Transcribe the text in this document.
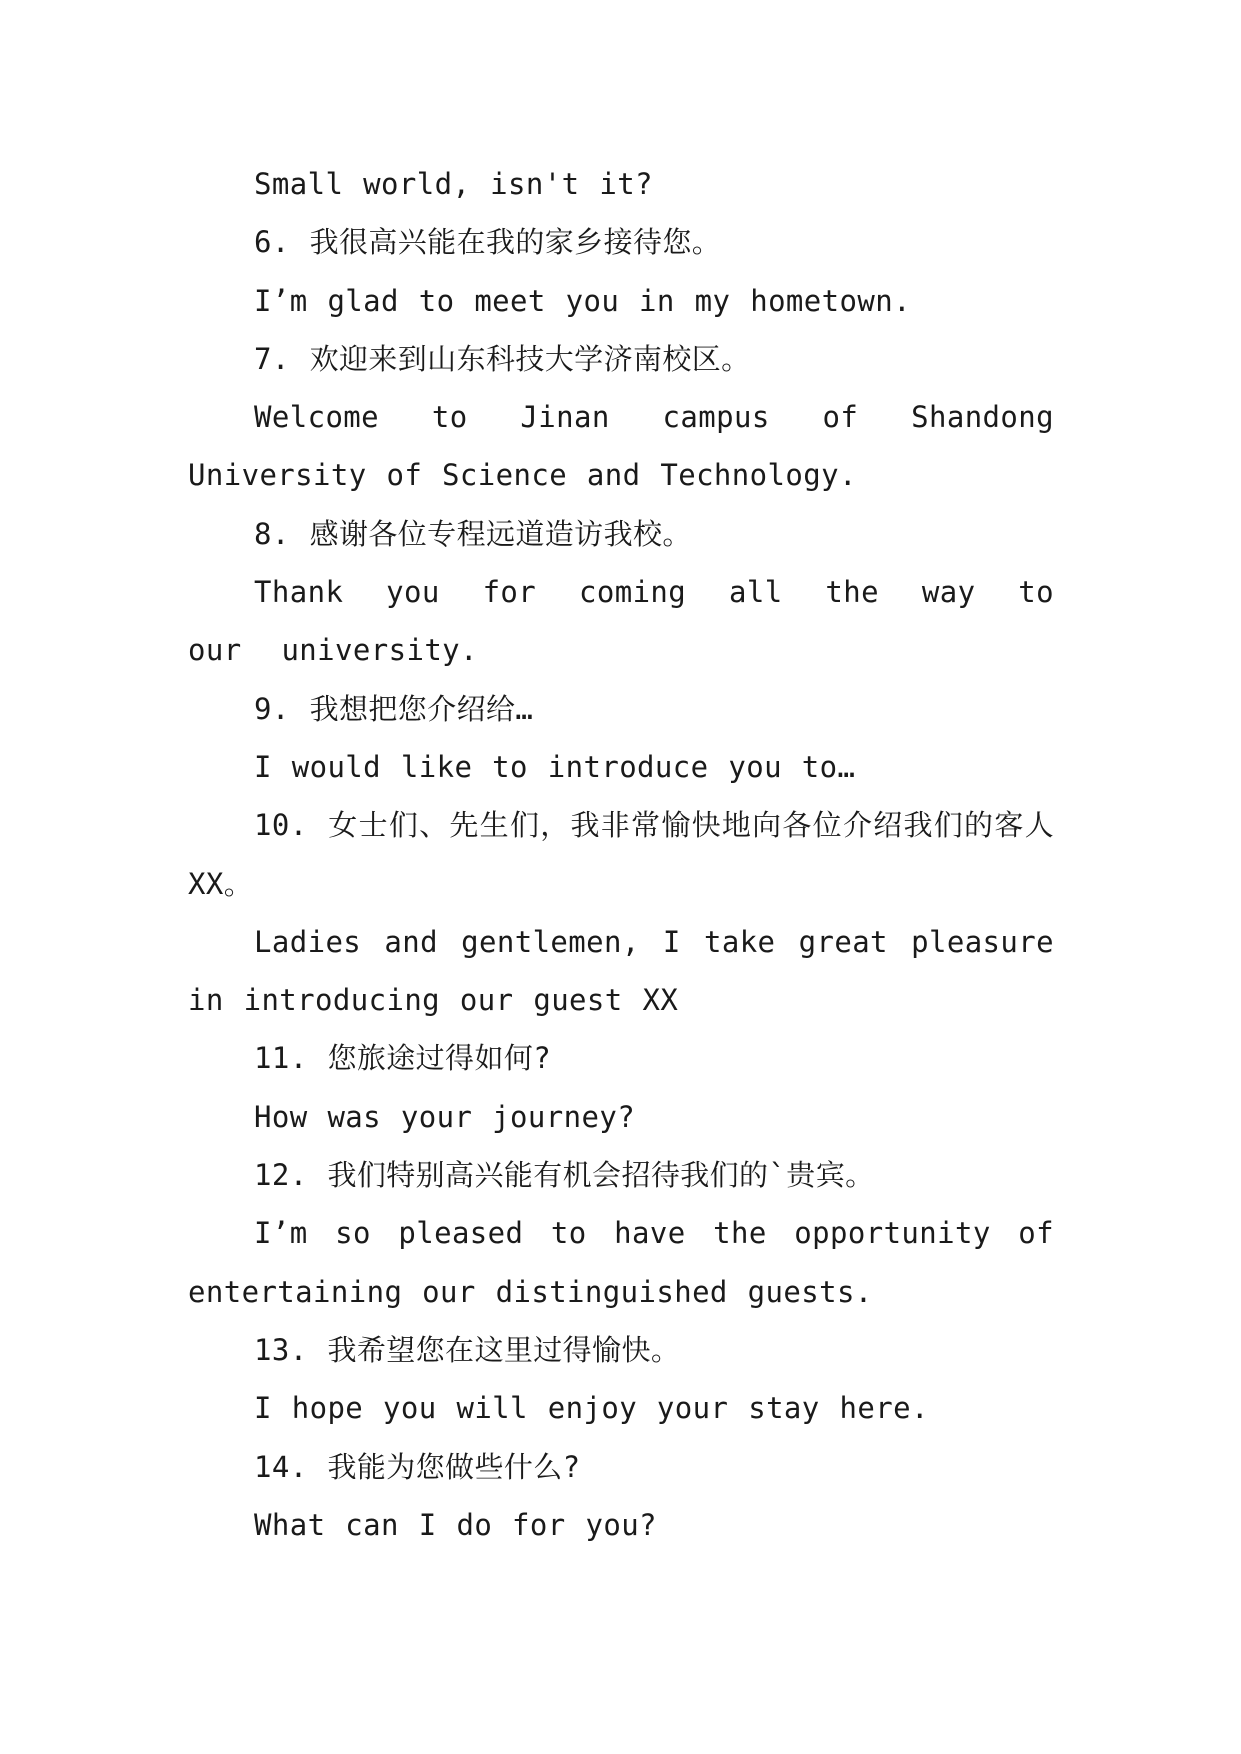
Small world, isn't it?

6. 我很高兴能在我的家乡接待您。

I’m glad to meet you in my hometown.

7. 欢迎来到山东科技大学济南校区。

Welcome to Jinan campus of Shandong University of Science and Technology.

8. 感谢各位专程远道造访我校。

Thank you for coming all the way to our university.

9. 我想把您介绍给…

I would like to introduce you to…

10. 女士们、先生们，我非常愉快地向各位介绍我们的客人XX。

Ladies and gentlemen, I take great pleasure in introducing our guest XX

11. 您旅途过得如何?

How was your journey?

12. 我们特别高兴能有机会招待我们的`贵宾。

I’m so pleased to have the opportunity of entertaining our distinguished guests.

13. 我希望您在这里过得愉快。

I hope you will enjoy your stay here.

14. 我能为您做些什么?

What can I do for you?
